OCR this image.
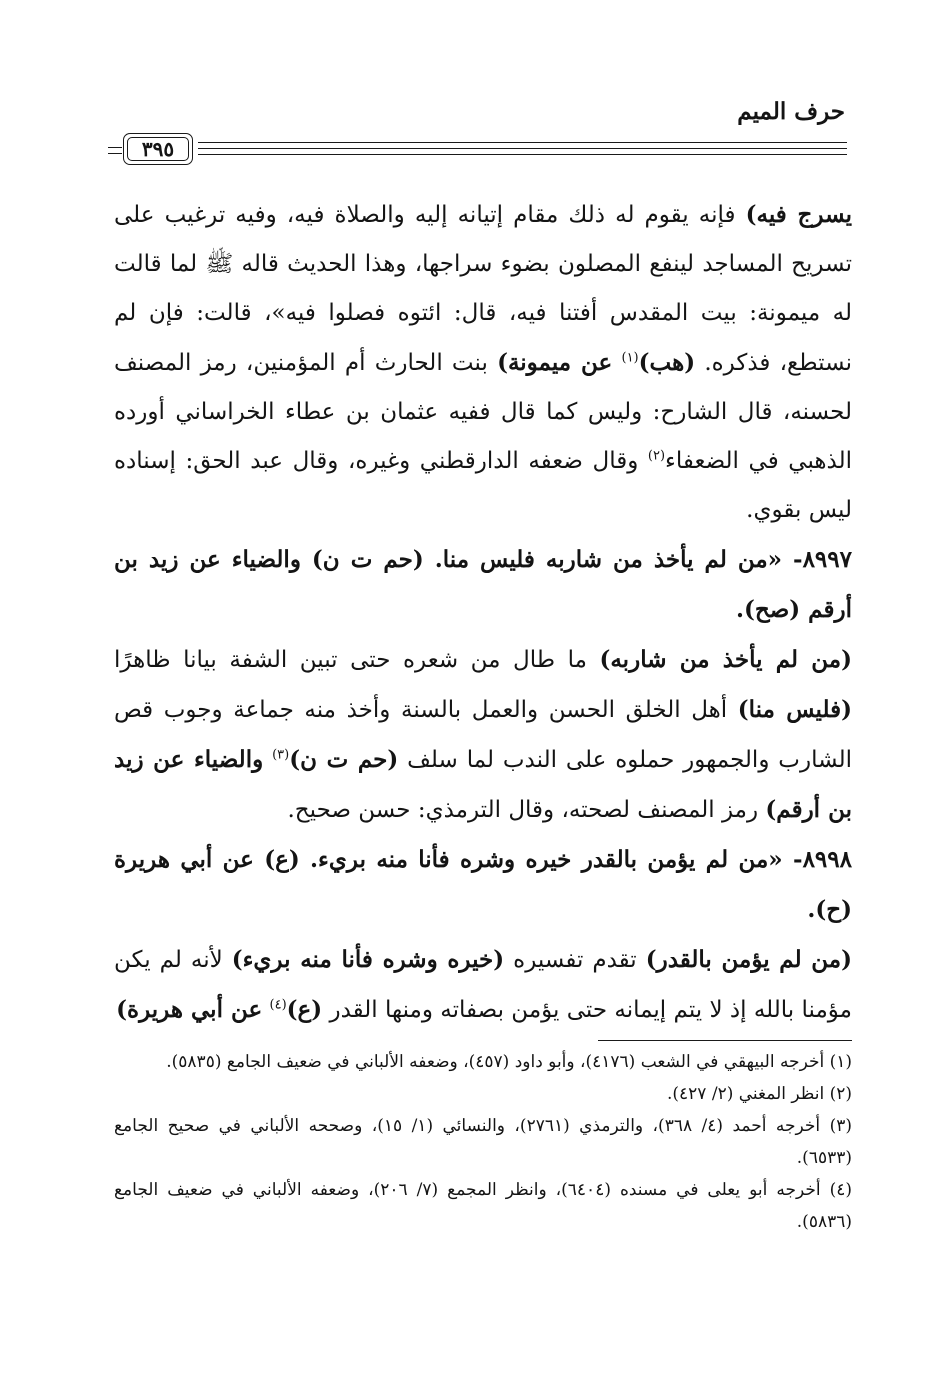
حرف الميم
٣٩٥

يسرج فيه) فإنه يقوم له ذلك مقام إتيانه إليه والصلاة فيه، وفيه ترغيب على تسريح المساجد لينفع المصلون بضوء سراجها، وهذا الحديث قاله ﷺ لما قالت له ميمونة: بيت المقدس أفتنا فيه، قال: ائتوه فصلوا فيه»، قالت: فإن لم نستطع، فذكره. (هب)$^{(١)}$ عن ميمونة) بنت الحارث أم المؤمنين، رمز المصنف لحسنه، قال الشارح: وليس كما قال ففيه عثمان بن عطاء الخراساني أورده الذهبي في الضعفاء$^{(٢)}$ وقال ضعفه الدارقطني وغيره، وقال عبد الحق: إسناده ليس بقوي.

٨٩٩٧- «من لم يأخذ من شاربه فليس منا. (حم ت ن) والضياء عن زيد بن أرقم (صح).

(من لم يأخذ من شاربه) ما طال من شعره حتى تبين الشفة بيانا ظاهرًا (فليس منا) أهل الخلق الحسن والعمل بالسنة وأخذ منه جماعة وجوب قص الشارب والجمهور حملوه على الندب لما سلف (حم ت ن)$^{(٣)}$ والضياء عن زيد بن أرقم) رمز المصنف لصحته، وقال الترمذي: حسن صحيح.

٨٩٩٨- «من لم يؤمن بالقدر خيره وشره فأنا منه بريء. (ع) عن أبي هريرة (ح).

(من لم يؤمن بالقدر) تقدم تفسيره (خيره وشره فأنا منه بريء) لأنه لم يكن مؤمنا بالله إذ لا يتم إيمانه حتى يؤمن بصفاته ومنها القدر (ع)$^{(٤)}$ عن أبي هريرة)

(١) أخرجه البيهقي في الشعب (٤١٧٦)، وأبو داود (٤٥٧)، وضعفه الألباني في ضعيف الجامع (٥٨٣٥).

(٢) انظر المغني (٢/ ٤٢٧).

(٣) أخرجه أحمد (٤/ ٣٦٨)، والترمذي (٢٧٦١)، والنسائي (١/ ١٥)، وصححه الألباني في صحيح الجامع (٦٥٣٣).

(٤) أخرجه أبو يعلى في مسنده (٦٤٠٤)، وانظر المجمع (٧/ ٢٠٦)، وضعفه الألباني في ضعيف الجامع (٥٨٣٦).
